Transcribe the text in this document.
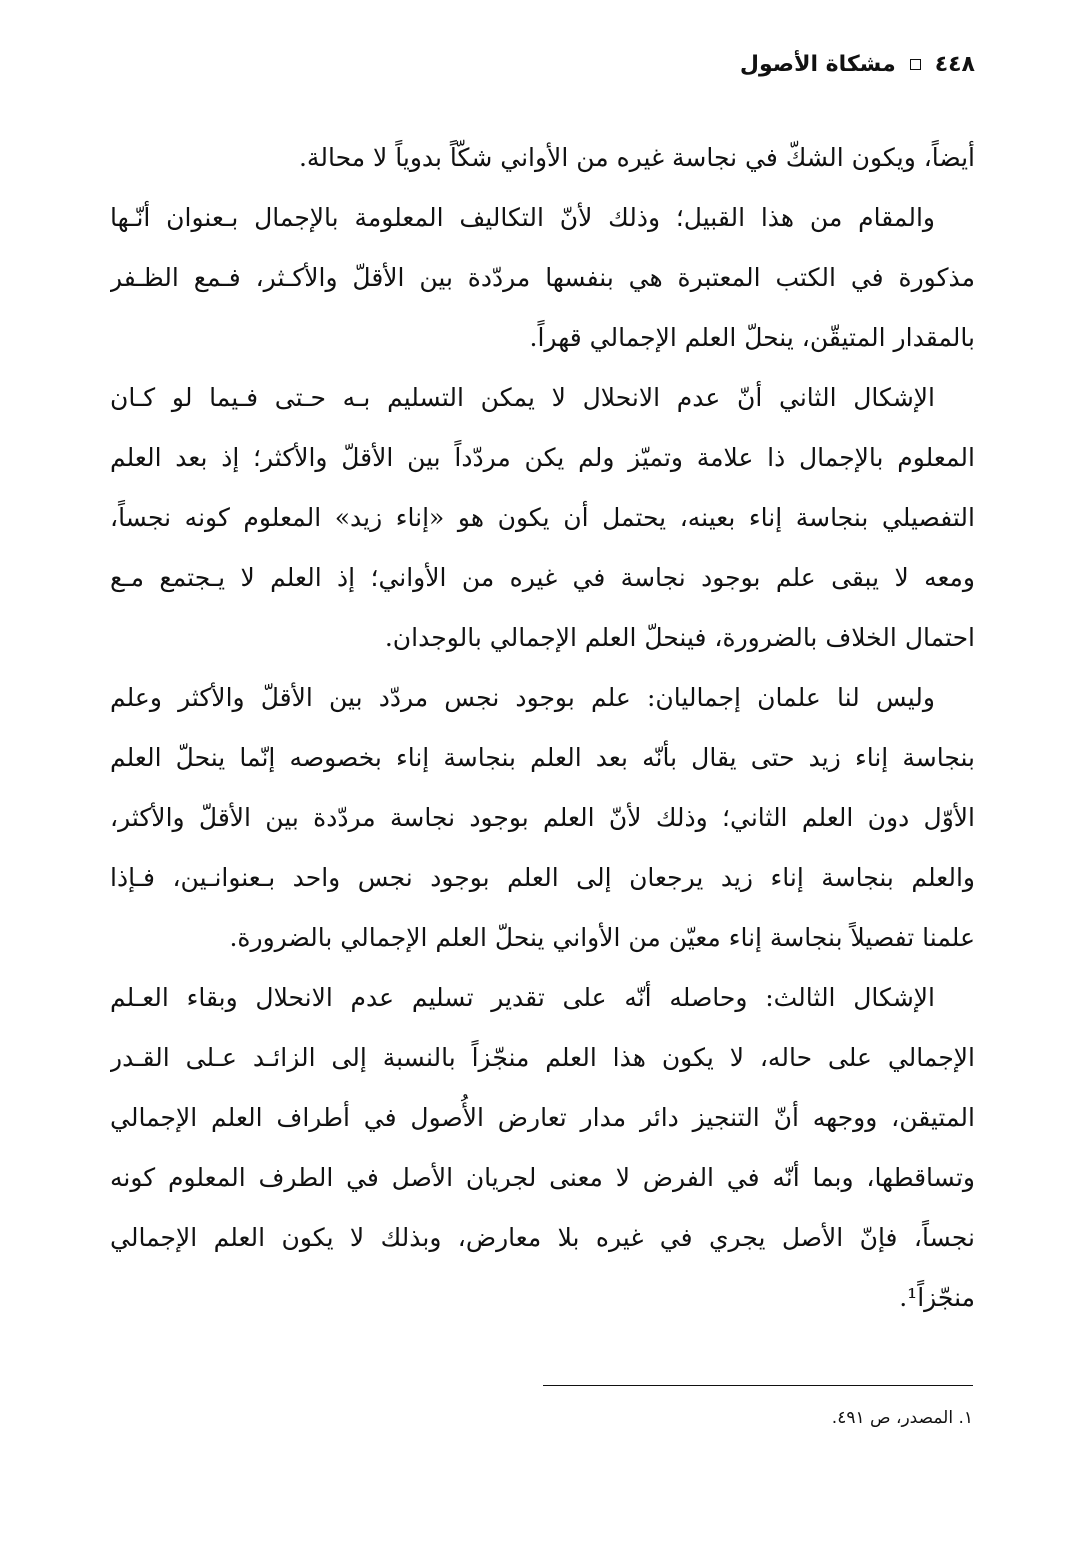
٤٤٨
مشكاة الأصول
أيضاً، ويكون الشكّ في نجاسة غيره من الأواني شكّاً بدوياً لا محالة.
والمقام من هذا القبيل؛ وذلك لأنّ التكاليف المعلومة بالإجمال بـعنوان أنّـها
مذكورة في الكتب المعتبرة هي بنفسها مردّدة بين الأقلّ والأكـثر، فـمع الظـفر
بالمقدار المتيقّن، ينحلّ العلم الإجمالي قهراً.
الإشكال الثاني أنّ عدم الانحلال لا يمكن التسليم بـه حـتى فـيما لو كـان
المعلوم بالإجمال ذا علامة وتميّز ولم يكن مردّداً بين الأقلّ والأكثر؛ إذ بعد العلم
التفصيلي بنجاسة إناء بعينه، يحتمل أن يكون هو «إناء زيد» المعلوم كونه نجساً،
ومعه لا يبقى علم بوجود نجاسة في غيره من الأواني؛ إذ العلم لا يـجتمع مـع
احتمال الخلاف بالضرورة، فينحلّ العلم الإجمالي بالوجدان.
وليس لنا علمان إجماليان: علم بوجود نجس مردّد بين الأقلّ والأكثر وعلم
بنجاسة إناء زيد حتى يقال بأنّه بعد العلم بنجاسة إناء بخصوصه إنّما ينحلّ العلم
الأوّل دون العلم الثاني؛ وذلك لأنّ العلم بوجود نجاسة مردّدة بين الأقلّ والأكثر،
والعلم بنجاسة إناء زيد يرجعان إلى العلم بوجود نجس واحد بـعنوانـين، فـإذا
علمنا تفصيلاً بنجاسة إناء معيّن من الأواني ينحلّ العلم الإجمالي بالضرورة.
الإشكال الثالث: وحاصله أنّه على تقدير تسليم عدم الانحلال وبقاء العـلم
الإجمالي على حاله، لا يكون هذا العلم منجّزاً بالنسبة إلى الزائـد عـلى القـدر
المتيقن، ووجهه أنّ التنجيز دائر مدار تعارض الأُصول في أطراف العلم الإجمالي
وتساقطها، وبما أنّه في الفرض لا معنى لجريان الأصل في الطرف المعلوم كونه
نجساً، فإنّ الأصل يجري في غيره بلا معارض، وبذلك لا يكون العلم الإجمالي
منجّزاً¹.
١. المصدر، ص ٤٩١.
